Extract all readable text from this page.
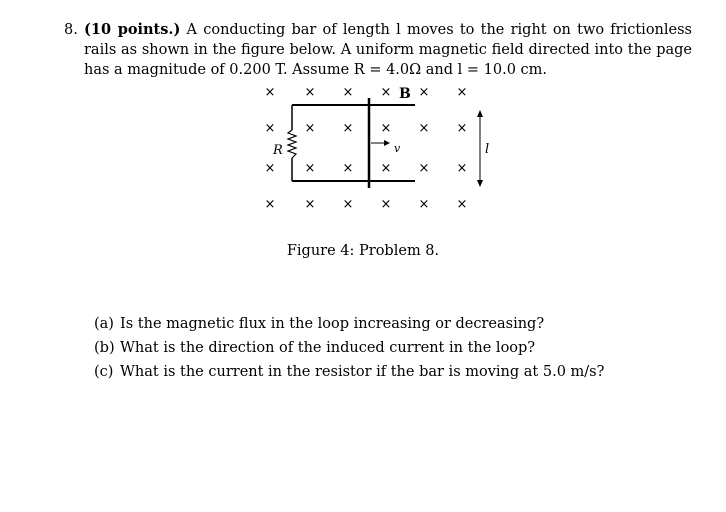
8. (10 points.) A conducting bar of length l moves to the right on two frictionless rails as shown in the figure below. A uniform magnetic field directed into the page has a magnitude of 0.200 T. Assume R = 4.0Ω and l = 10.0 cm.
× × × ×	×
× × × × × ×
× × × × × ×
× × × × × ×
×
B
R	v	l
Figure 4: Problem 8.
(a) Is the magnetic flux in the loop increasing or decreasing?
(b) What is the direction of the induced current in the loop?
(c) What is the current in the resistor if the bar is moving at 5.0 m/s?
